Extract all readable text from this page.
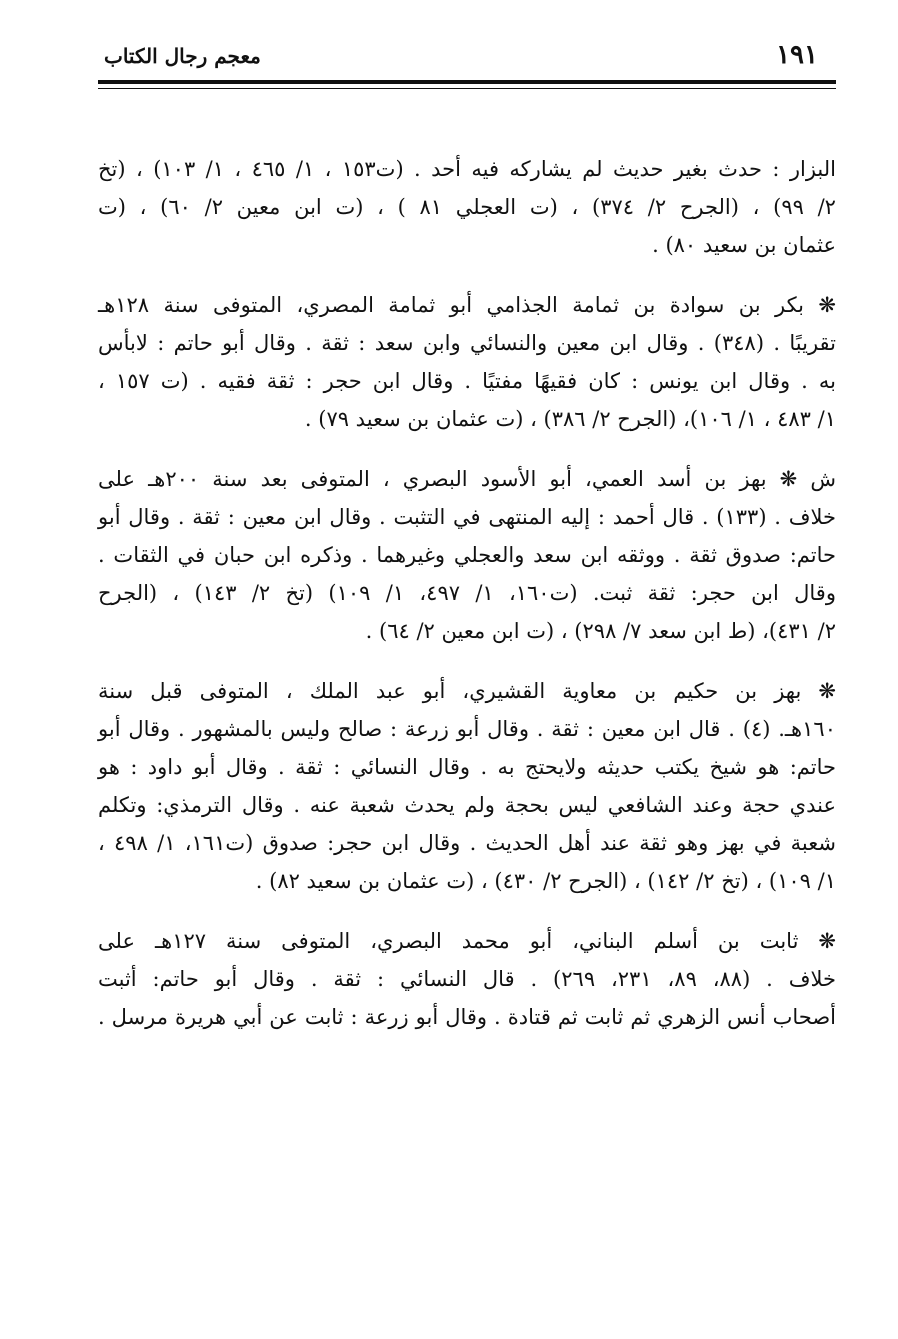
١٩١
معجم رجال الكتاب
البزار : حدث بغير حديث لم يشاركه فيه أحد . (ت١٥٣ ، ١/ ٤٦٥ ، ١/ ١٠٣) ، (تخ
٢/ ٩٩) ، (الجرح ٢/ ٣٧٤) ، (ت العجلي ٨١ ) ، (ت ابن معين ٢/ ٦٠) ، (ت
عثمان بن سعيد ٨٠) .
❋ بكر بن سوادة بن ثمامة الجذامي أبو ثمامة المصري، المتوفى سنة ١٢٨هـ
تقريبًا . (٣٤٨) . وقال ابن معين والنسائي وابن سعد : ثقة . وقال أبو حاتم : لابأس
به . وقال ابن يونس : كان فقيهًا مفتيًا . وقال ابن حجر : ثقة فقيه . (ت ١٥٧ ،
١/ ٤٨٣ ، ١/ ١٠٦)، (الجرح ٢/ ٣٨٦) ، (ت عثمان بن سعيد ٧٩) .
ش ❋ بهز بن أسد العمي، أبو الأسود البصري ، المتوفى بعد سنة ٢٠٠هـ على
خلاف . (١٣٣) . قال أحمد : إليه المنتهى في التثبت . وقال ابن معين : ثقة . وقال أبو
حاتم: صدوق ثقة . ووثقه ابن سعد والعجلي وغيرهما . وذكره ابن حبان في الثقات .
وقال ابن حجر: ثقة ثبت. (ت١٦٠، ١/ ٤٩٧، ١/ ١٠٩) (تخ ٢/ ١٤٣) ، (الجرح
٢/ ٤٣١)، (ط ابن سعد ٧/ ٢٩٨) ، (ت ابن معين ٢/ ٦٤) .
❋ بهز بن حكيم بن معاوية القشيري، أبو عبد الملك ، المتوفى قبل سنة
١٦٠هـ. (٤) . قال ابن معين : ثقة . وقال أبو زرعة : صالح وليس بالمشهور . وقال أبو
حاتم: هو شيخ يكتب حديثه ولايحتج به . وقال النسائي : ثقة . وقال أبو داود : هو
عندي حجة وعند الشافعي ليس بحجة ولم يحدث شعبة عنه . وقال الترمذي: وتكلم
شعبة في بهز وهو ثقة عند أهل الحديث . وقال ابن حجر: صدوق (ت١٦١، ١/ ٤٩٨ ،
١/ ١٠٩) ، (تخ ٢/ ١٤٢) ، (الجرح ٢/ ٤٣٠) ، (ت عثمان بن سعيد ٨٢) .
❋ ثابت بن أسلم البناني، أبو محمد البصري، المتوفى سنة ١٢٧هـ على
خلاف . (٨٨، ٨٩، ٢٣١، ٢٦٩) . قال النسائي : ثقة . وقال أبو حاتم: أثبت
أصحاب أنس الزهري ثم ثابت ثم قتادة . وقال أبو زرعة : ثابت عن أبي هريرة مرسل .
